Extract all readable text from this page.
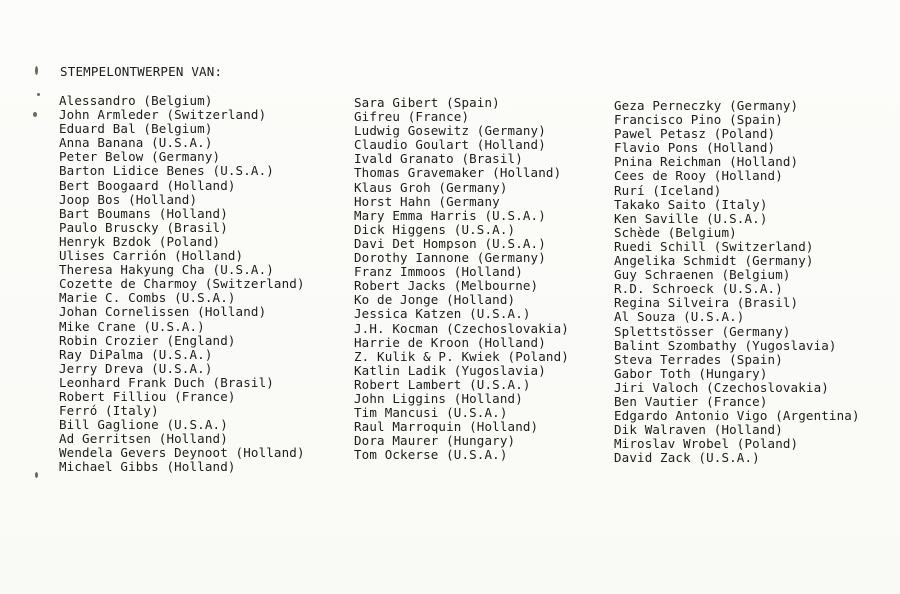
STEMPELONTWERPEN VAN:
Alessandro (Belgium)
John Armleder (Switzerland)
Eduard Bal (Belgium)
Anna Banana (U.S.A.)
Peter Below (Germany)
Barton Lidice Benes (U.S.A.)
Bert Boogaard (Holland)
Joop Bos (Holland)
Bart Boumans (Holland)
Paulo Bruscky (Brasil)
Henryk Bzdok (Poland)
Ulises Carrión (Holland)
Theresa Hakyung Cha (U.S.A.)
Cozette de Charmoy (Switzerland)
Marie C. Combs (U.S.A.)
Johan Cornelissen (Holland)
Mike Crane (U.S.A.)
Robin Crozier (England)
Ray DiPalma (U.S.A.)
Jerry Dreva (U.S.A.)
Leonhard Frank Duch (Brasil)
Robert Filliou (France)
Ferró (Italy)
Bill Gaglione (U.S.A.)
Ad Gerritsen (Holland)
Wendela Gevers Deynoot (Holland)
Michael Gibbs (Holland)
Sara Gibert (Spain)
Gifreu (France)
Ludwig Gosewitz (Germany)
Claudio Goulart (Holland)
Ivald Granato (Brasil)
Thomas Gravemaker (Holland)
Klaus Groh (Germany)
Horst Hahn (Germany
Mary Emma Harris (U.S.A.)
Dick Higgens (U.S.A.)
Davi Det Hompson (U.S.A.)
Dorothy Iannone (Germany)
Franz Immoos (Holland)
Robert Jacks (Melbourne)
Ko de Jonge (Holland)
Jessica Katzen (U.S.A.)
J.H. Kocman (Czechoslovakia)
Harrie de Kroon (Holland)
Z. Kulik & P. Kwiek (Poland)
Katlin Ladik (Yugoslavia)
Robert Lambert (U.S.A.)
John Liggins (Holland)
Tim Mancusi (U.S.A.)
Raul Marroquin (Holland)
Dora Maurer (Hungary)
Tom Ockerse (U.S.A.)
Geza Perneczky (Germany)
Francisco Pino (Spain)
Pawel Petasz (Poland)
Flavio Pons (Holland)
Pnina Reichman (Holland)
Cees de Rooy (Holland)
Rurí (Iceland)
Takako Saito (Italy)
Ken Saville (U.S.A.)
Schède (Belgium)
Ruedi Schill (Switzerland)
Angelika Schmidt (Germany)
Guy Schraenen (Belgium)
R.D. Schroeck (U.S.A.)
Regina Silveira (Brasil)
Al Souza (U.S.A.)
Splettstösser (Germany)
Balint Szombathy (Yugoslavia)
Steva Terrades (Spain)
Gabor Toth (Hungary)
Jiri Valoch (Czechoslovakia)
Ben Vautier (France)
Edgardo Antonio Vigo (Argentina)
Dik Walraven (Holland)
Miroslav Wrobel (Poland)
David Zack (U.S.A.)
